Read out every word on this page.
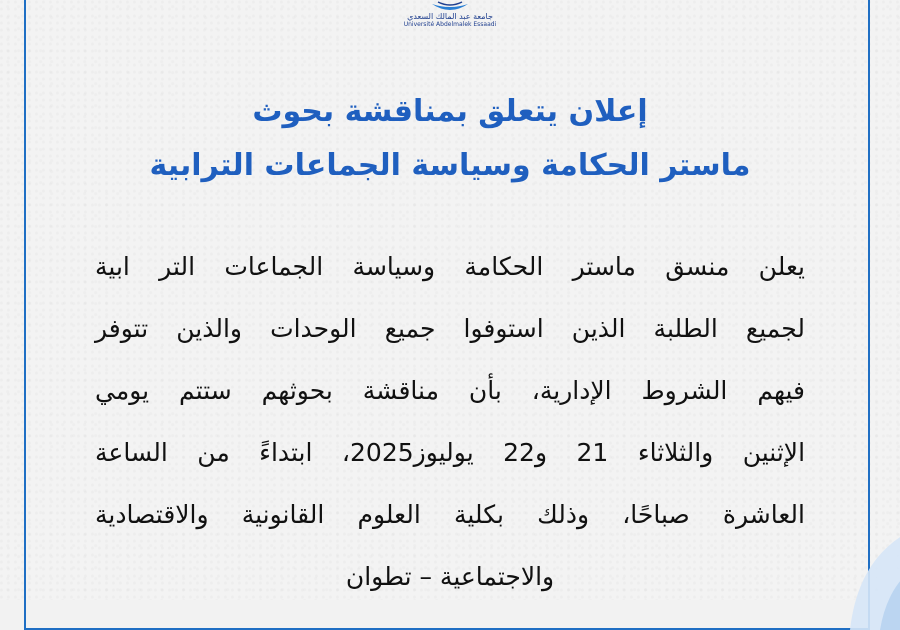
جامعة عبد المالك السعدي
Université Abdelmalek Essaadi
إعلان يتعلق بمناقشة بحوث
ماستر الحكامة وسياسة الجماعات الترابية
يعلن منسق ماستر الحكامة وسياسة الجماعات التر ابية
لجميع الطلبة الذين استوفوا جميع الوحدات والذين تتوفر
فيهم الشروط الإدارية، بأن مناقشة بحوثهم ستتم يومي
الإثنين والثلاثاء 21 و22 يوليوز2025، ابتداءً من الساعة
العاشرة صباحًا، وذلك بكلية العلوم القانونية والاقتصادية
والاجتماعية – تطوان
